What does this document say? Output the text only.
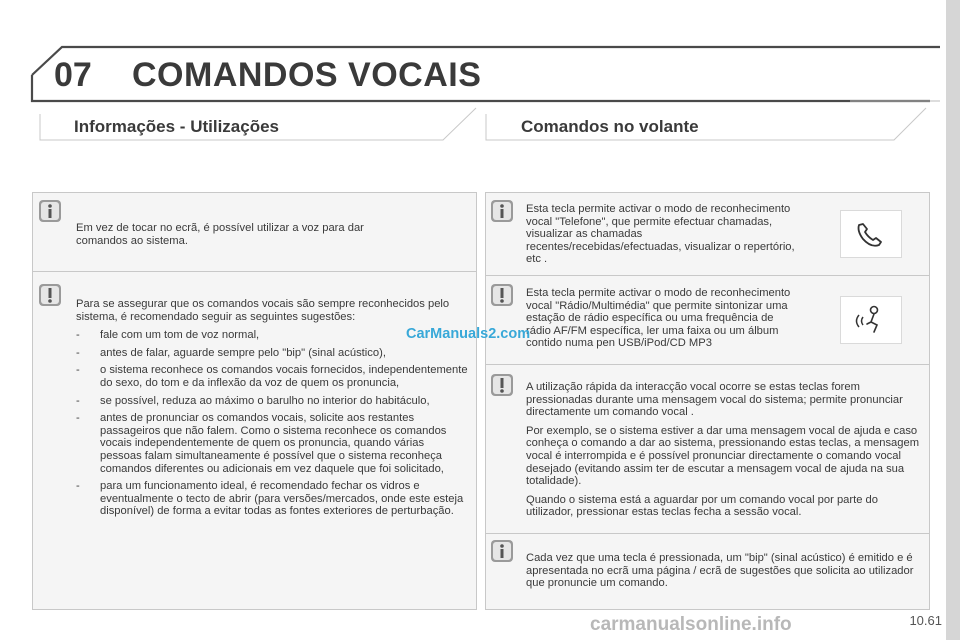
07 COMANDOS VOCAIS
Informações - Utilizações	Comandos no volante
Em vez de tocar no ecrã, é possível utilizar a voz para dar comandos ao sistema.

Para se assegurar que os comandos vocais são sempre reconhecidos pelo sistema, é recomendado seguir as seguintes sugestões:

- fale com um tom de voz normal,
- antes de falar, aguarde sempre pelo "bip" (sinal acústico),
- o sistema reconhece os comandos vocais fornecidos, independentemente do sexo, do tom e da inflexão da voz de quem os pronuncia,
- se possível, reduza ao máximo o barulho no interior do habitáculo,
- antes de pronunciar os comandos vocais, solicite aos restantes passageiros que não falem. Como o sistema reconhece os comandos vocais independentemente de quem os pronuncia, quando várias pessoas falam simultaneamente é possível que o sistema reconheça comandos diferentes ou adicionais em vez daquele que foi solicitado,
- para um funcionamento ideal, é recomendado fechar os vidros e eventualmente o tecto de abrir (para versões/mercados, onde este esteja disponível) de forma a evitar todas as fontes exteriores de perturbação.
Esta tecla permite activar o modo de reconhecimento vocal "Telefone", que permite efectuar chamadas, visualizar as chamadas recentes/recebidas/efectuadas, visualizar o repertório, etc .
Esta tecla permite activar o modo de reconhecimento vocal "Rádio/Multimédia" que permite sintonizar uma estação de rádio específica ou uma frequência de rádio AF/FM específica, ler uma faixa ou um álbum contido numa pen USB/iPod/CD MP3

A utilização rápida da interacção vocal ocorre se estas teclas forem pressionadas durante uma mensagem vocal do sistema; permite pronunciar directamente um comando vocal .

Por exemplo, se o sistema estiver a dar uma mensagem vocal de ajuda e caso conheça o comando a dar ao sistema, pressionando estas teclas, a mensagem vocal é interrompida e é possível pronunciar directamente o comando vocal desejado (evitando assim ter de escutar a mensagem vocal de ajuda na sua totalidade).

Quando o sistema está a aguardar por um comando vocal por parte do utilizador, pressionar estas teclas fecha a sessão vocal.

Cada vez que uma tecla é pressionada, um "bip" (sinal acústico) é emitido e é apresentada no ecrã uma página / ecrã de sugestões que solicita ao utilizador que pronuncie um comando.
CarManuals2.com
carmanualsonline.info	10.61
